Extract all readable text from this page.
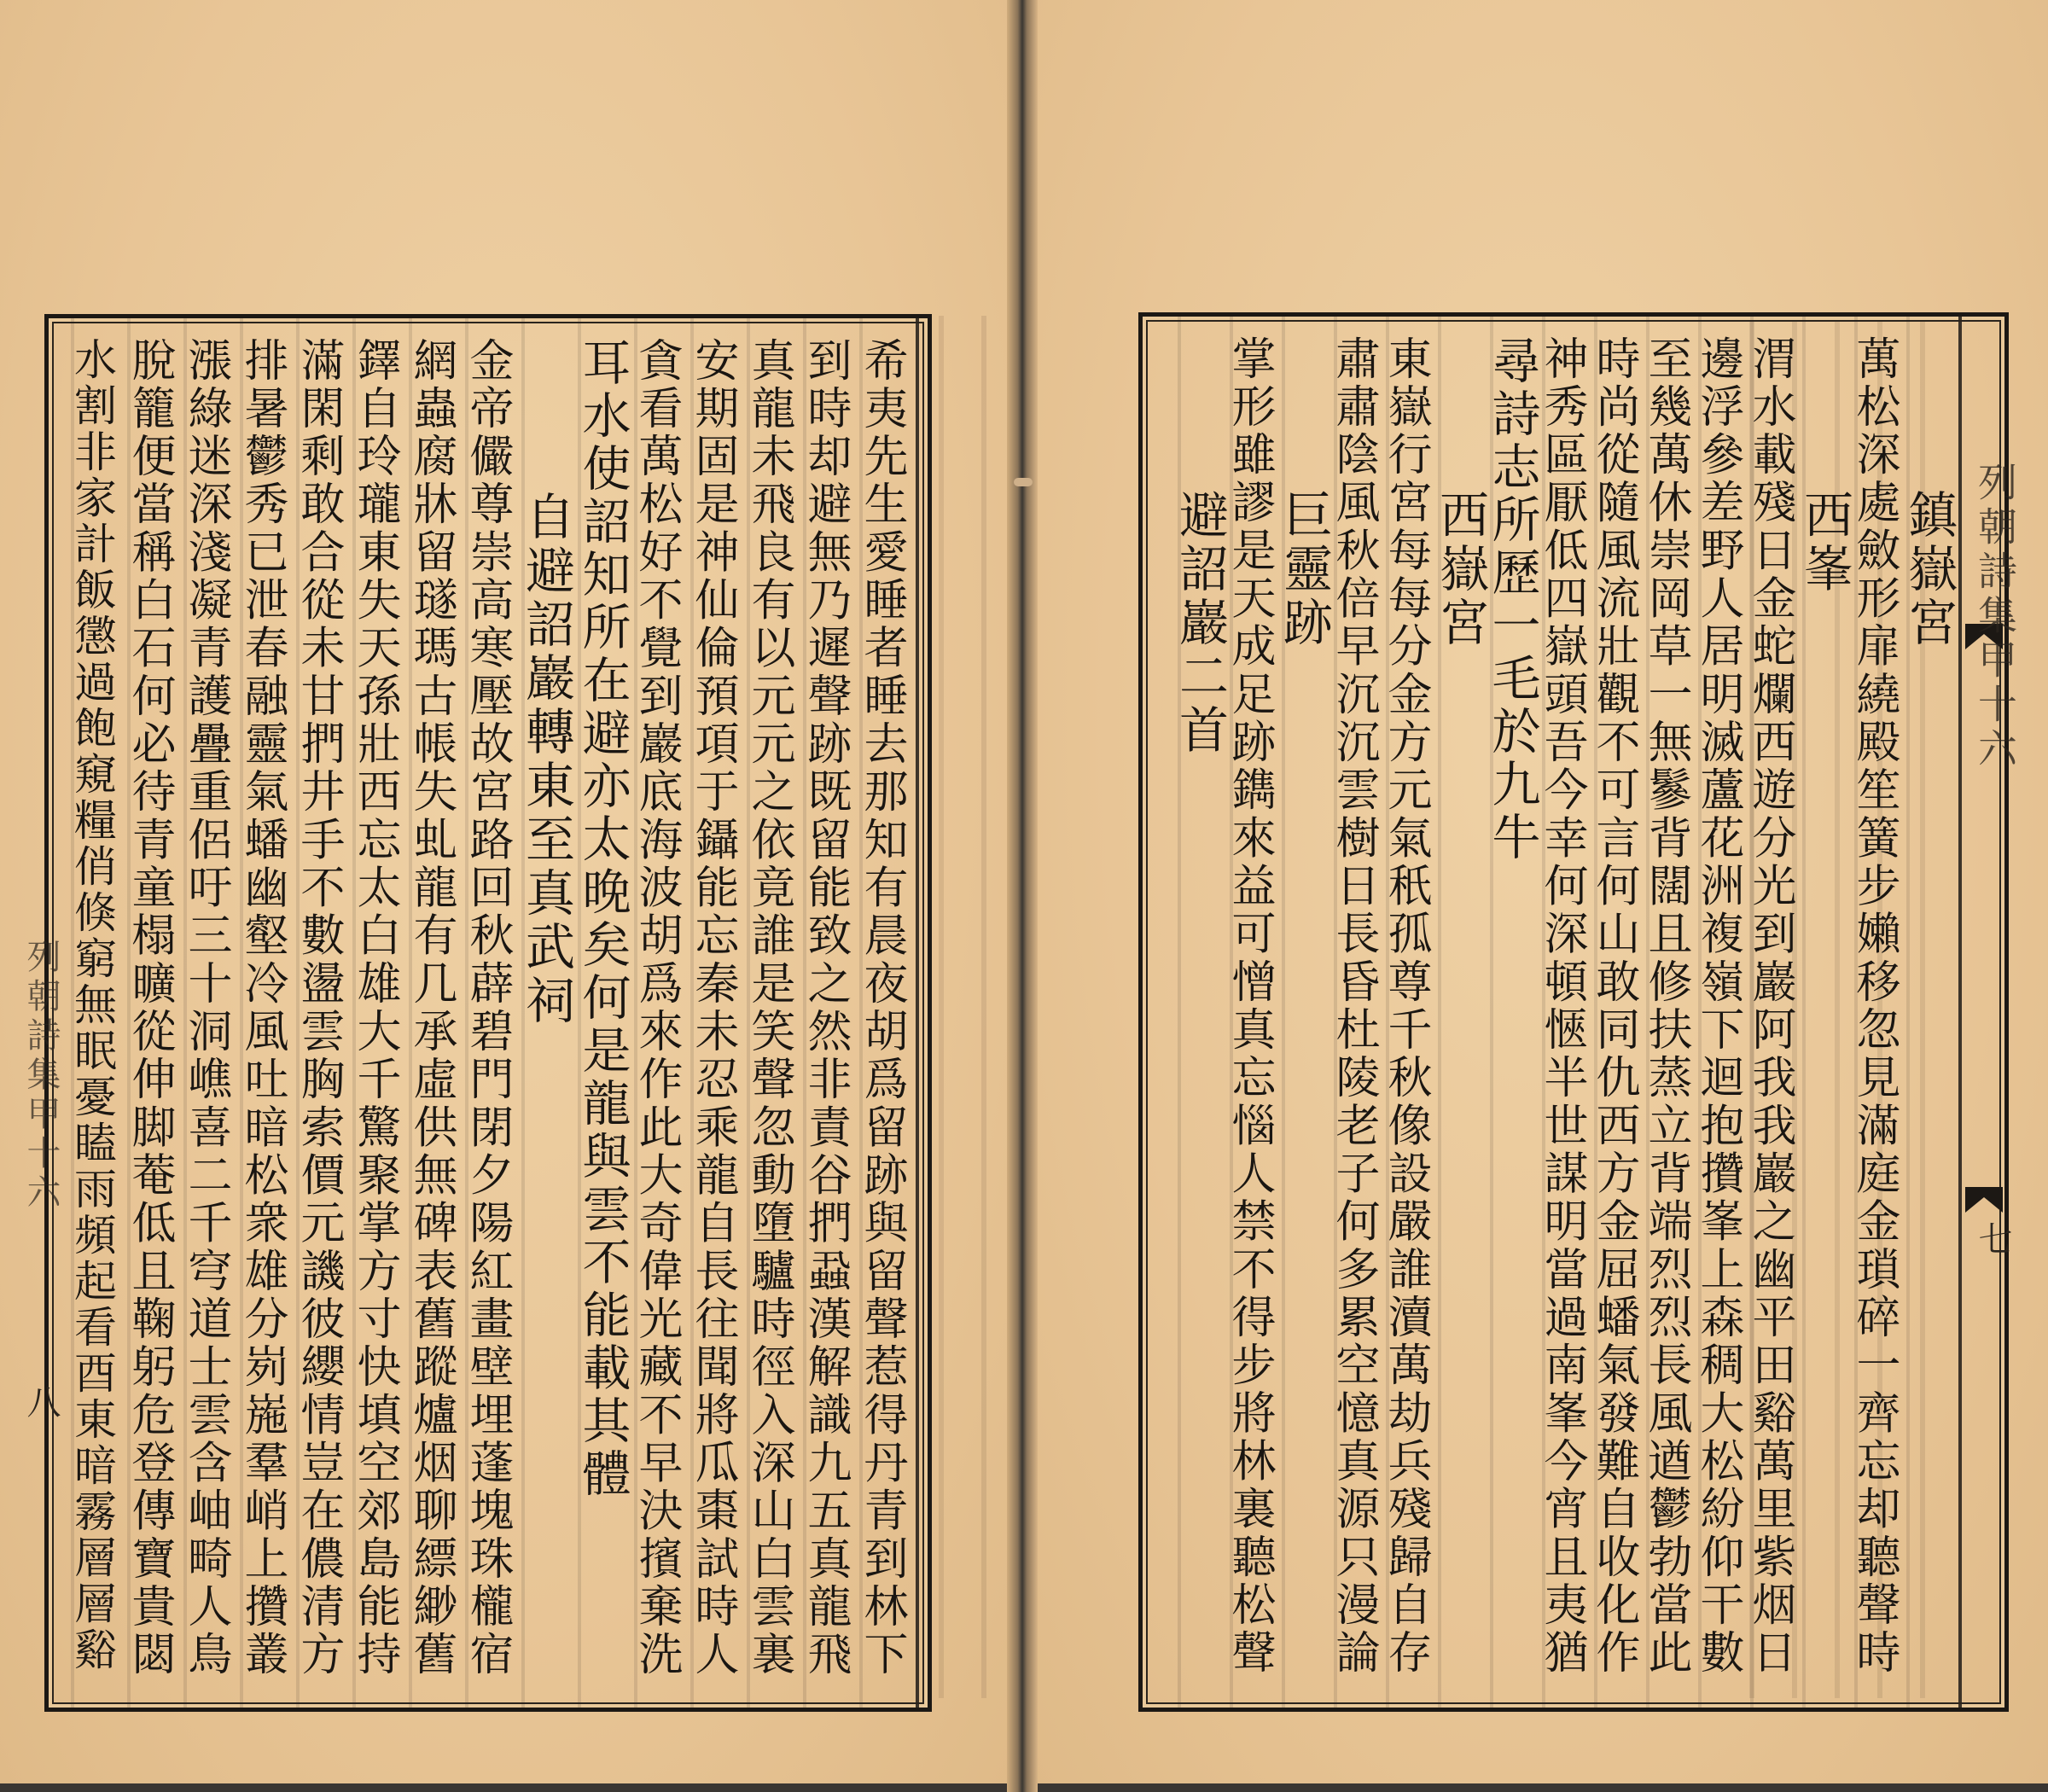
希夷先生愛睡者睡去那知有晨夜胡爲留跡與留聲惹得丹青到林下
到時却避無乃遲聲跡既留能致之然非責谷捫蝨漢解識九五真龍飛
真龍未飛良有以元元之依竟誰是笑聲忽動墮驢時徑入深山白雲裏
安期固是神仙倫預項于鑷能忘秦未忍乘龍自長往聞將瓜棗試時人
貪看萬松好不覺到巖底海波胡爲來作此大奇偉光藏不早決擯棄洗
耳水使詔知所在避亦太晚矣何是龍與雲不能載其體
自避詔巖轉東至真武祠
金帝儼尊崇高寒壓故宮路回秋薜碧門閉夕陽紅畫壁埋蓬塊珠櫳宿
網蟲腐牀留璲瑪古帳失虬龍有几承虛供無碑表舊蹤爐烟聊縹緲舊
鐸自玲瓏東失天孫壯西忘太白雄大千驚聚掌方寸快填空郊島能持
滿閑剩敢合從未甘捫井手不數盪雲胸索價元譏彼纓情豈在儂清方
排暑鬱秀已泄春融靈氣蟠幽壑冷風吐暗松衆雄分峛崺羣峭上攢叢
漲綠迷深淺凝青護疊重侶吁三十洞嶕喜二千穹道士雲含岫畸人鳥
脫籠便當稱白石何必待青童榻曠從伸脚菴低且鞠躬危登傳寶貴閟
水割非家計飯懲過飽窺糧俏倏窮無眠憂瞌雨頻起看酉東暗霧層層谿
列朝詩集甲十六
八
鎮嶽宮
萬松深處斂形扉繞殿笙簧步嬾移忽見滿庭金瑣碎一齊忘却聽聲時
西峯
渭水載殘日金蛇爛西遊分光到巖阿我我巖之幽平田谿萬里紫烟日
邊浮參差野人居明滅蘆花洲複嶺下迴抱攢峯上森稠大松紛仰干數
至幾萬休崇岡草一無鬖背闊且修扶蒸立背端烈烈長風遒鬱勃當此
時尚從隨風流壯觀不可言何山敢同仇西方金屈蟠氣發難自收化作
神秀區厭低四嶽頭吾今幸何深頓愜半世謀明當過南峯今宵且夷猶
尋詩志所歷一毛於九牛
西嶽宮
東嶽行宮每每分金方元氣秖孤尊千秋像設嚴誰瀆萬劫兵殘歸自存
肅肅陰風秋倍早沉沉雲樹日長昏杜陵老子何多累空憶真源只漫論
巨靈跡
掌形雖謬是天成足跡鐫來益可憎真忘惱人禁不得步將林裏聽松聲
避詔巖二首	列朝詩集甲十六
七
